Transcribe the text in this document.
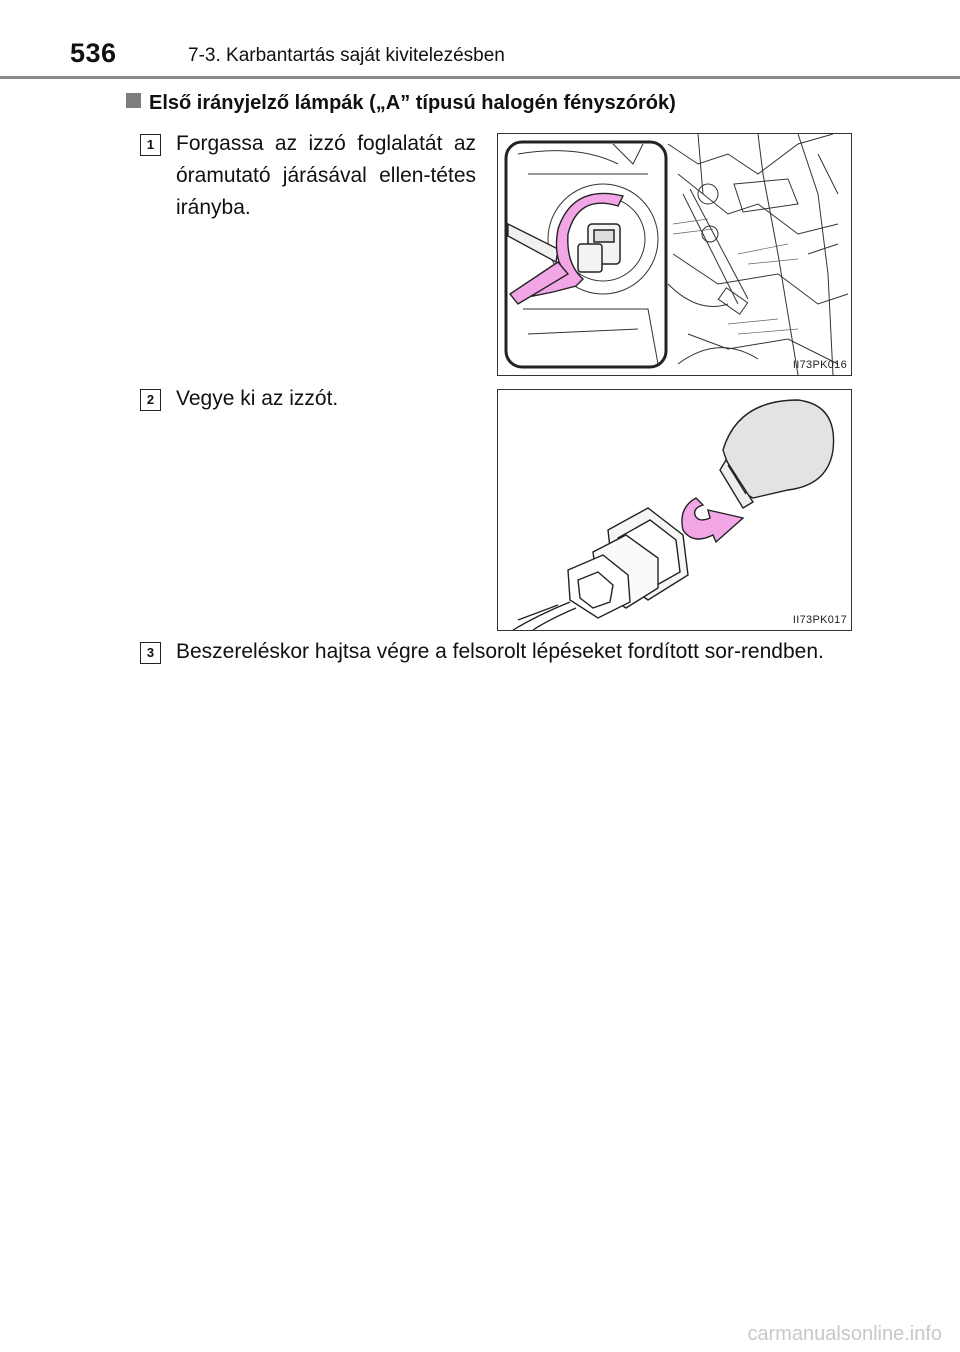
536	7-3. Karbantartás saját kivitelezésben
Első irányjelző lámpák („A” típusú halogén fényszórók)
1	Forgassa az izzó foglalatát az óramutató járásával ellen-tétes irányba.
II73PK016
2	Vegye ki az izzót.
II73PK017
3	Beszereléskor hajtsa végre a felsorolt lépéseket fordított sor-rendben.
carmanualsonline.info
